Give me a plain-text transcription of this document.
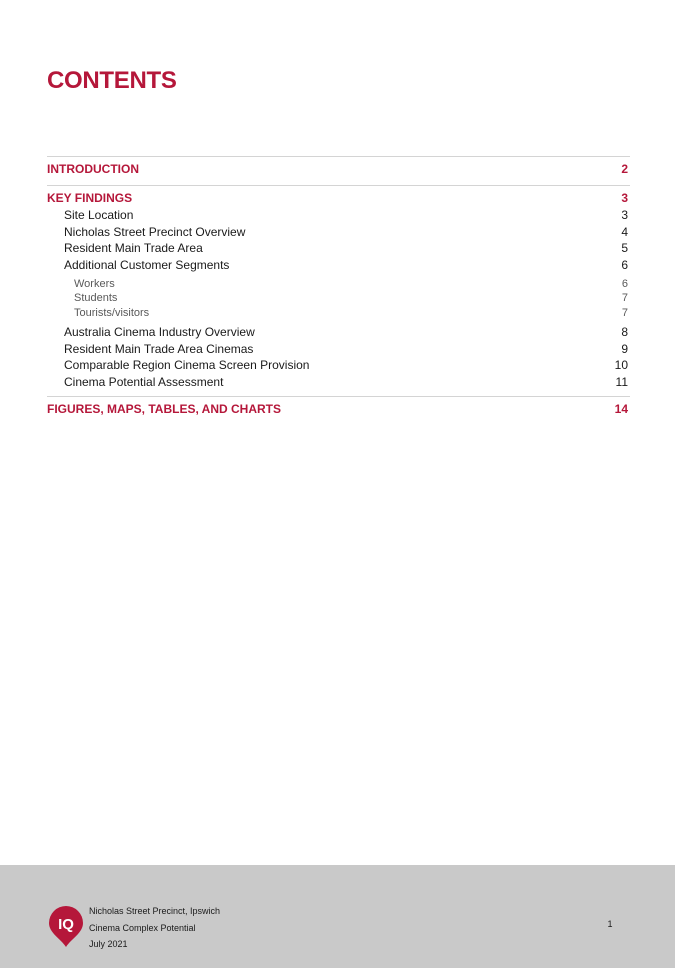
CONTENTS
INTRODUCTION	2
KEY FINDINGS	3
Site Location	3
Nicholas Street Precinct Overview	4
Resident Main Trade Area	5
Additional Customer Segments	6
Workers	6
Students	7
Tourists/visitors	7
Australia Cinema Industry Overview	8
Resident Main Trade Area Cinemas	9
Comparable Region Cinema Screen Provision	10
Cinema Potential Assessment	11
FIGURES, MAPS, TABLES, AND CHARTS	14
IQ
Nicholas Street Precinct, Ipswich
Cinema Complex Potential
July 2021
1
